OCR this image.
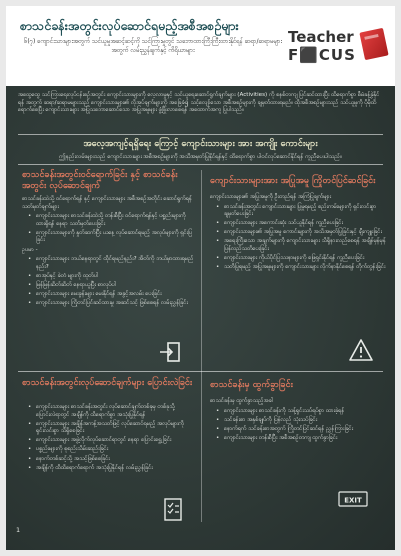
စာသင်ခန်းအတွင်းလုပ်ဆောင်ရမည့်အစီအစဉ်များ
၆(၇) ကျောင်းသားများအတွက် သင်ယူမှုအဆင့်ဆင့်ကို သင်ကြားမှုတွင် သဘောထားကြီးကြီးထားနိုင်ရန် ဆရာ/ဆရာမများအတွက် လမ်းညွှန်ချက်နှင့် ကိရိယာများ
Teacher
F⬛CUS
အထွေထွေ သင်ကြားရေးလုပ်ငန်းစဉ်အတွင်း ကျောင်းသားများကို လေ့လာမှုနှင့် သင်ယူရေးဆောင်ရွက်ချက်များ (Activities) ကို စနစ်တကျ ပြင်ဆင်ထားပြီး ထိရောက်စွာ စီမံခန့်ခွဲနိုင်ရန် အတွက် ဆရာ/ဆရာမများသည် ကျောင်းသားများ၏ လိုအပ်ချက်များကို အခြေခံ၍ သင့်လျော်သော အစီအစဉ်များကို ချမှတ်ထားရမည်။ ထိုအစီအစဉ်များသည် သင်ယူမှုကို ပိုမိုထိရောက်စေပြီး ကျောင်းသားများ အပြုသဘောဆောင်သော အပြုအမူများ ဖွံ့ဖြိုးလာစေရန် အထောက်အကူ ပြုပါသည်။
အလေ့အကျင့်ရရှိရေး ကြောင့် ကျောင်းသားများ အား အကျိုး ကောင်းများ
ဤနည်းလမ်းများသည် ကျောင်းသားများ အစီအစဉ်များကို အသိအမှတ်ပြုနိုင်ရန်နှင့် ထိရောက်စွာ ပါဝင်လုပ်ဆောင်နိုင်ရန် ကူညီပေးပါသည်။
စာသင်ခန်းအတွင်းဝင်ရောက်ခြင်း နှင့် စာသင်ခန်းအတွင်း လုပ်ဆောင်ချက်

စာသင်ခန်းထဲသို့ ဝင်ရောက်ရန် နှင့် ကျောင်းသားများ အစီအစဉ်အတိုင်း ဆောင်ရွက်ရန် သတ်မှတ်ချက်များ

• ကျောင်းသားများ စာသင်ခန်းထဲသို့ တန်းစီပြီး ဝင်ရောက်ရန်နှင့် ပစ္စည်းများကို ထားရှိရန် နေရာ သတ်မှတ်ပေးခြင်း
• ကျောင်းသားများကို နှုတ်ဆက်ပြီး ယနေ့ လုပ်ဆောင်ရမည့် အလုပ်များကို ရှင်းပြခြင်း

ဥပမာ -

• ကျောင်းသားများ ဘယ်နေရာတွင် ထိုင်ရမည်နည်း? အိတ်ကို ဘယ်မှာထားရမည်နည်း?
• စာအုပ်နှင့် ခဲတံ များကို ထုတ်ပါ
• မြန်မြန်ဆိတ်ဆိတ် နေရာယူပြီး စာလုပ်ပါ
• ကျောင်းသားများ မေးခွန်းများ မေးနိုင်ရန် အခွင့်အလမ်း ပေးခြင်း
• ကျောင်းသားများ ကြိုတင်ပြင်ဆင်ထားမှု အဆင်သင့် ဖြစ်စေရန် လမ်းညွှန်ခြင်း
ကျောင်းသားများအား အပြုအမူ ကြိုတင်ပြင်ဆင်ခြင်း

ကျောင်းသားများ၏ အပြုအမူကို ဦးတည်ရန် အကြံပြုချက်များ

• စာသင်ခန်းအတွင်း ကျောင်းသားများ ပြုမူရမည့် စည်းကမ်းများကို ရှင်းလင်းစွာ ချမှတ်ပေးခြင်း
• ကျောင်းသားများ အကောင်းဆုံး သင်ယူနိုင်ရန် ကူညီပေးခြင်း
• ကျောင်းသားများ၏ အပြုအမူ ကောင်းများကို အသိအမှတ်ပြုခြင်းနှင့် ချီးကျူးခြင်း
• အရေးကြီးသော အချက်များကို ကျောင်းသားများ သိရှိနားလည်စေရန် အချိန်မှန်မှန် ပြန်လည်သတိပေးခြင်း
• ကျောင်းသားများ ကိုယ်ပိုင်ပြဿနာများကို ဖြေရှင်းနိုင်ရန် ကူညီပေးခြင်း
• သတိပြုရမည့် အပြုအမူများကို ကျောင်းသားများ လိုက်နာနိုင်စေရန် တိုက်တွန်းခြင်း
စာသင်ခန်းအတွင်းလုပ်ဆောင်ချက်များ ပြောင်းလဲခြင်း
• ကျောင်းသားများ စာသင်ခန်းအတွင်း လုပ်ဆောင်ချက်တစ်ခုမှ တစ်ခုသို့ ပြောင်းလဲရာတွင် အချိန်ကို ထိရောက်စွာ အသုံးပြုနိုင်ရန်
• ကျောင်းသားများ အချိန်အကန့်အသတ်ဖြင့် လုပ်ဆောင်ရမည့် အလုပ်များကို ရှင်းလင်းစွာ သိရှိစေခြင်း
• ကျောင်းသားများ အဖွဲ့လိုက်လုပ်ဆောင်ရာတွင် နေရာ ပြောင်းရွှေ့ခြင်း
• ပစ္စည်းများကို စုစည်းသိမ်းဆည်းခြင်း
• နောက်တစ်ဆင့်သို့ အသင့်ဖြစ်စေခြင်း
• အချိန်ကို ထိထိရောက်ရောက် အသုံးပြုနိုင်ရန် လမ်းညွှန်ခြင်း
စာသင်ခန်းမှ ထွက်ခွာခြင်း

စာသင်ခန်းမှ ထွက်ခွာသည့်အခါ

• ကျောင်းသားများ စာသင်ခန်းကို သန့်ရှင်းသပ်ရပ်စွာ ထားခဲ့ရန်
• သင်ခန်းစာ အနှစ်ချုပ်ကို ပြန်လည် သုံးသပ်ခြင်း
• နောက်ရက် သင်ခန်းစာအတွက် ကြိုတင်ပြင်ဆင်ရန် ညွှန်ကြားခြင်း
• ကျောင်းသားများ တန်းစီပြီး အစီအစဉ်တကျ ထွက်ခွာခြင်း
EXIT
1
